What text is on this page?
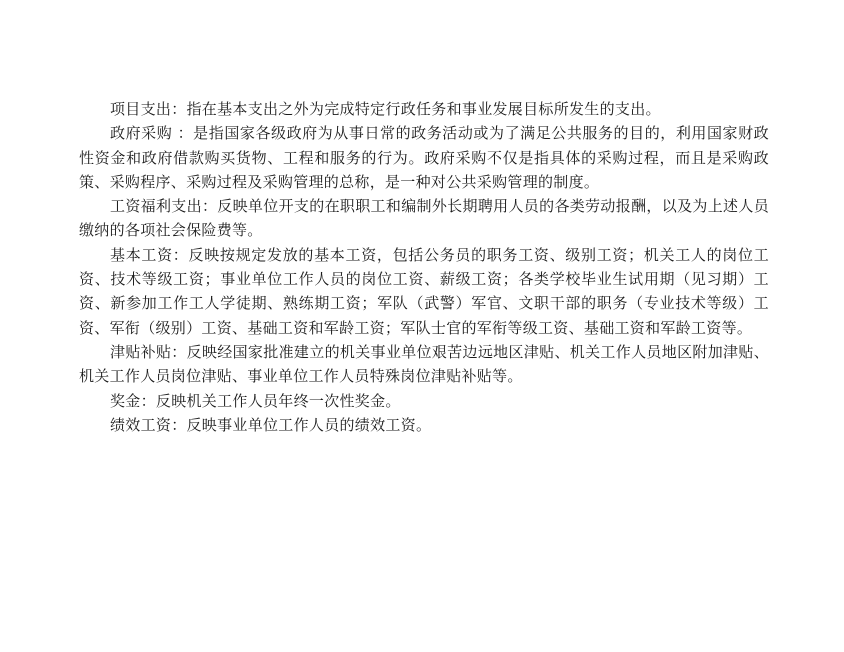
项目支出：指在基本支出之外为完成特定行政任务和事业发展目标所发生的支出。

政府采购 ：是指国家各级政府为从事日常的政务活动或为了满足公共服务的目的，利用国家财政性资金和政府借款购买货物、工程和服务的行为。政府采购不仅是指具体的采购过程，而且是采购政策、采购程序、采购过程及采购管理的总称，是一种对公共采购管理的制度。

工资福利支出：反映单位开支的在职职工和编制外长期聘用人员的各类劳动报酬，以及为上述人员缴纳的各项社会保险费等。

基本工资：反映按规定发放的基本工资，包括公务员的职务工资、级别工资；机关工人的岗位工资、技术等级工资；事业单位工作人员的岗位工资、薪级工资；各类学校毕业生试用期（见习期）工资、新参加工作工人学徒期、熟练期工资；军队（武警）军官、文职干部的职务（专业技术等级）工资、军衔（级别）工资、基础工资和军龄工资；军队士官的军衔等级工资、基础工资和军龄工资等。

津贴补贴：反映经国家批准建立的机关事业单位艰苦边远地区津贴、机关工作人员地区附加津贴、机关工作人员岗位津贴、事业单位工作人员特殊岗位津贴补贴等。

奖金：反映机关工作人员年终一次性奖金。

绩效工资：反映事业单位工作人员的绩效工资。
